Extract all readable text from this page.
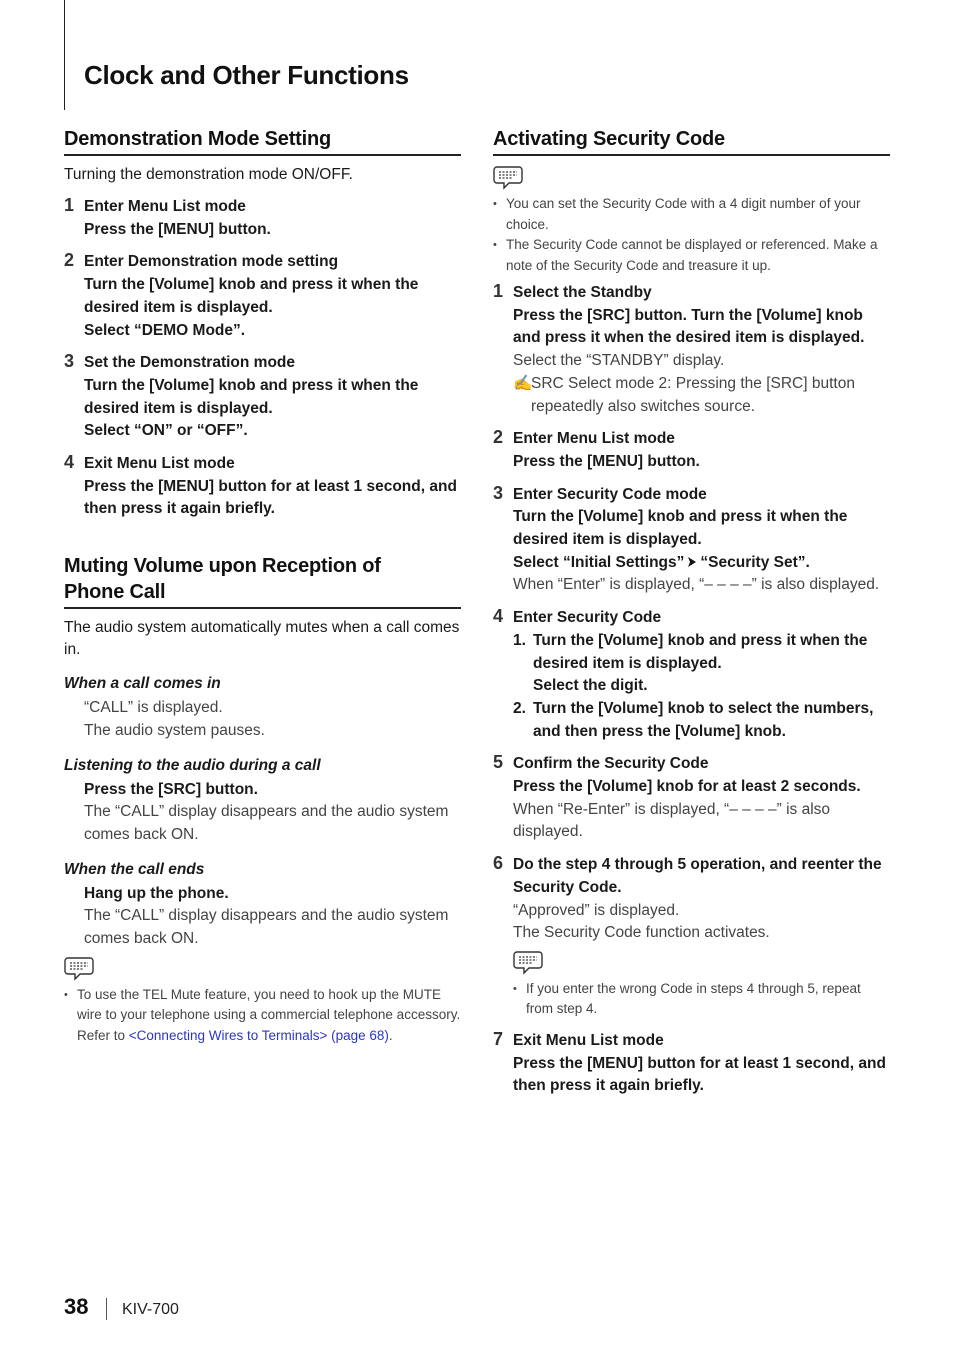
Clock and Other Functions
Demonstration Mode Setting

Turning the demonstration mode ON/OFF.

1 Enter Menu List mode
Press the [MENU] button.
2 Enter Demonstration mode setting
Turn the [Volume] knob and press it when the desired item is displayed.
Select “DEMO Mode”.
3 Set the Demonstration mode
Turn the [Volume] knob and press it when the desired item is displayed.
Select “ON” or “OFF”.
4 Exit Menu List mode
Press the [MENU] button for at least 1 second, and then press it again briefly.
Muting Volume upon Reception of
Phone Call

The audio system automatically mutes when a call comes in.

When a call comes in
“CALL” is displayed.
The audio system pauses.
Listening to the audio during a call
Press the [SRC] button.
The “CALL” display disappears and the audio system comes back ON.
When the call ends
Hang up the phone.
The “CALL” display disappears and the audio system comes back ON.
• To use the TEL Mute feature, you need to hook up the MUTE wire to your telephone using a commercial telephone accessory. Refer to <Connecting Wires to Terminals> (page 68).
Activating Security Code
• You can set the Security Code with a 4 digit number of your choice.
• The Security Code cannot be displayed or referenced. Make a note of the Security Code and treasure it up.
1 Select the Standby
Press the [SRC] button. Turn the [Volume] knob and press it when the desired item is displayed.
Select the “STANDBY” display.
✍
SRC Select mode 2: Pressing the [SRC] button repeatedly also switches source.
2 Enter Menu List mode
Press the [MENU] button.
3 Enter Security Code mode
Turn the [Volume] knob and press it when the desired item is displayed.
Select “Initial Settings” “Security Set”.
When “Enter” is displayed, “– – – –” is also displayed.
4 Enter Security Code
1. Turn the [Volume] knob and press it when the desired item is displayed.
Select the digit.
2. Turn the [Volume] knob to select the numbers, and then press the [Volume] knob.
5 Confirm the Security Code
Press the [Volume] knob for at least 2 seconds.
When “Re-Enter” is displayed, “– – – –” is also displayed.
6 Do the step 4 through 5 operation, and reenter the Security Code.
“Approved” is displayed.
The Security Code function activates.
• If you enter the wrong Code in steps 4 through 5, repeat from step 4.
7 Exit Menu List mode
Press the [MENU] button for at least 1 second, and then press it again briefly.
38 KIV-700
